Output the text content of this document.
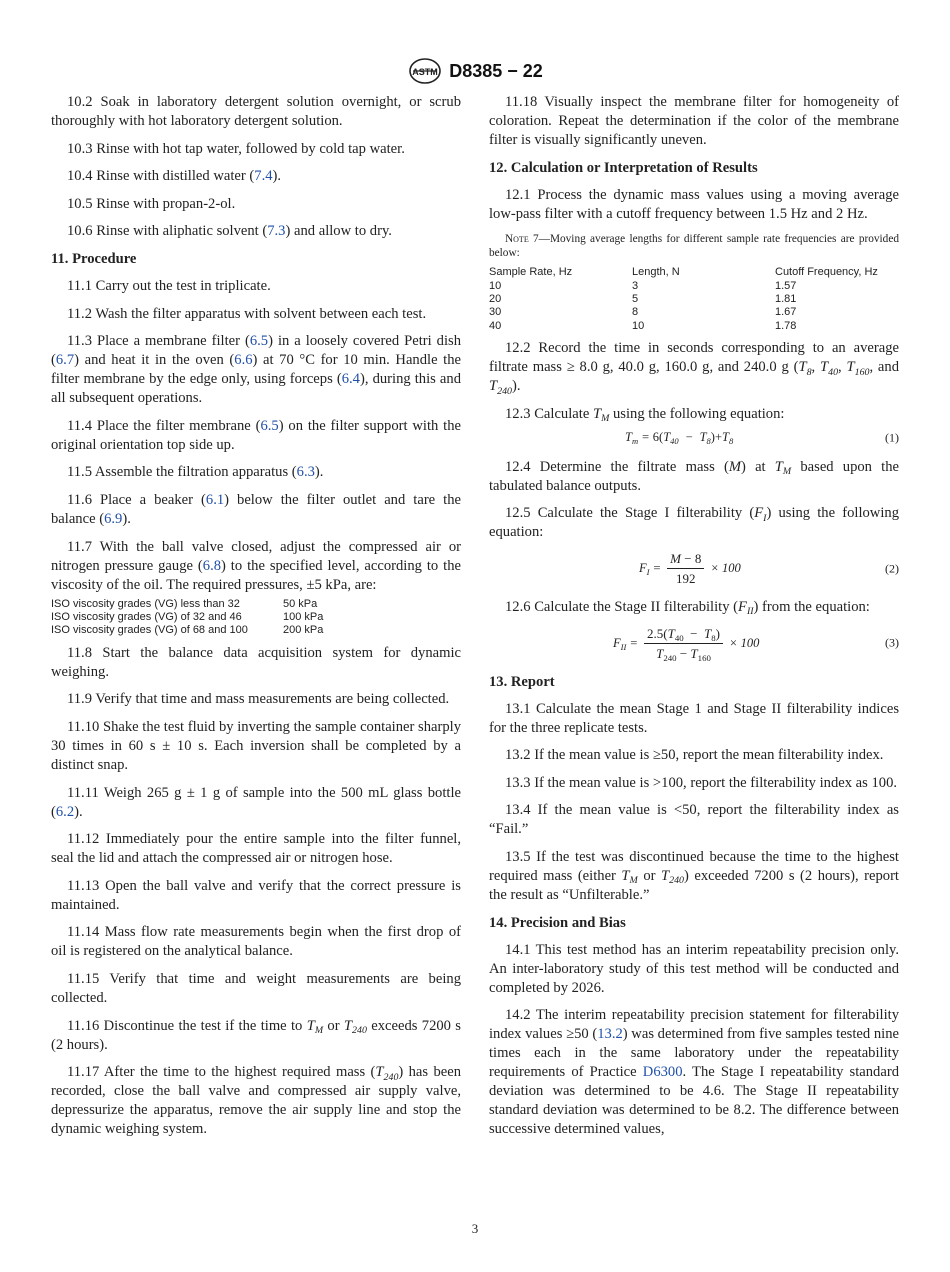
ASTM D8385 − 22

10.2 Soak in laboratory detergent solution overnight, or scrub thoroughly with hot laboratory detergent solution.

10.3 Rinse with hot tap water, followed by cold tap water.

10.4 Rinse with distilled water (7.4).

10.5 Rinse with propan-2-ol.

10.6 Rinse with aliphatic solvent (7.3) and allow to dry.

11. Procedure

11.1 Carry out the test in triplicate.

11.2 Wash the filter apparatus with solvent between each test.

11.3 Place a membrane filter (6.5) in a loosely covered Petri dish (6.7) and heat it in the oven (6.6) at 70 °C for 10 min. Handle the filter membrane by the edge only, using forceps (6.4), during this and all subsequent operations.

11.4 Place the filter membrane (6.5) on the filter support with the original orientation top side up.

11.5 Assemble the filtration apparatus (6.3).

11.6 Place a beaker (6.1) below the filter outlet and tare the balance (6.9).

11.7 With the ball valve closed, adjust the compressed air or nitrogen pressure gauge (6.8) to the specified level, according to the viscosity of the oil. The required pressures, ±5 kPa, are:

ISO viscosity grades (VG) less than 32	50 kPa
ISO viscosity grades (VG) of 32 and 46	100 kPa
ISO viscosity grades (VG) of 68 and 100	200 kPa

11.8 Start the balance data acquisition system for dynamic weighing.

11.9 Verify that time and mass measurements are being collected.

11.10 Shake the test fluid by inverting the sample container sharply 30 times in 60 s ± 10 s. Each inversion shall be completed by a distinct snap.

11.11 Weigh 265 g ± 1 g of sample into the 500 mL glass bottle (6.2).

11.12 Immediately pour the entire sample into the filter funnel, seal the lid and attach the compressed air or nitrogen hose.

11.13 Open the ball valve and verify that the correct pressure is maintained.

11.14 Mass flow rate measurements begin when the first drop of oil is registered on the analytical balance.

11.15 Verify that time and weight measurements are being collected.

11.16 Discontinue the test if the time to $T_M$ or $T_{240}$ exceeds 7200 s (2 hours).

11.17 After the time to the highest required mass $(T_{240})$ has been recorded, close the ball valve and compressed air supply valve, depressurize the apparatus, remove the air supply line and stop the dynamic weighing system.

11.18 Visually inspect the membrane filter for homogeneity of coloration. Repeat the determination if the color of the membrane filter is visually significantly uneven.

12. Calculation or Interpretation of Results

12.1 Process the dynamic mass values using a moving average low-pass filter with a cutoff frequency between 1.5 Hz and 2 Hz.

Note 7—Moving average lengths for different sample rate frequencies are provided below:

Sample Rate, Hz	Length, N	Cutoff Frequency, Hz
10	3	1.57
20	5	1.81
30	8	1.67
40	10	1.78

12.2 Record the time in seconds corresponding to an average filtrate mass ≥ 8.0 g, 40.0 g, 160.0 g, and 240.0 g ($T_8$, $T_{40}$, $T_{160}$, and $T_{240}$).

12.3 Calculate $T_M$ using the following equation:

$T_m = 6$( $T_{40} - T_8$ )+ $T_8$	(1)

12.4 Determine the filtrate mass (M) at $T_M$ based upon the tabulated balance outputs.

12.5 Calculate the Stage I filterability $(F_I)$ using the following equation:

$F_I = \frac{M - 8}{192} \times 100$	(2)

12.6 Calculate the Stage II filterability $(F_{II})$ from the equation:

$F_{II} = \frac{2.5(T_{40} - T_8)}{T_{240} - T_{160}} \times 100$	(3)

13. Report

13.1 Calculate the mean Stage 1 and Stage II filterability indices for the three replicate tests.

13.2 If the mean value is ≥50, report the mean filterability index.

13.3 If the mean value is >100, report the filterability index as 100.

13.4 If the mean value is <50, report the filterability index as “Fail.”

13.5 If the test was discontinued because the time to the highest required mass (either $T_M$ or $T_{240}$) exceeded 7200 s (2 hours), report the result as “Unfilterable.”

14. Precision and Bias

14.1 This test method has an interim repeatability precision only. An inter-laboratory study of this test method will be conducted and completed by 2026.

14.2 The interim repeatability precision statement for filterability index values ≥50 (13.2) was determined from five samples tested nine times each in the same laboratory under the repeatability requirements of Practice D6300. The Stage I repeatability standard deviation was determined to be 4.6. The Stage II repeatability standard deviation was determined to be 8.2. The difference between successive determined values,

3
